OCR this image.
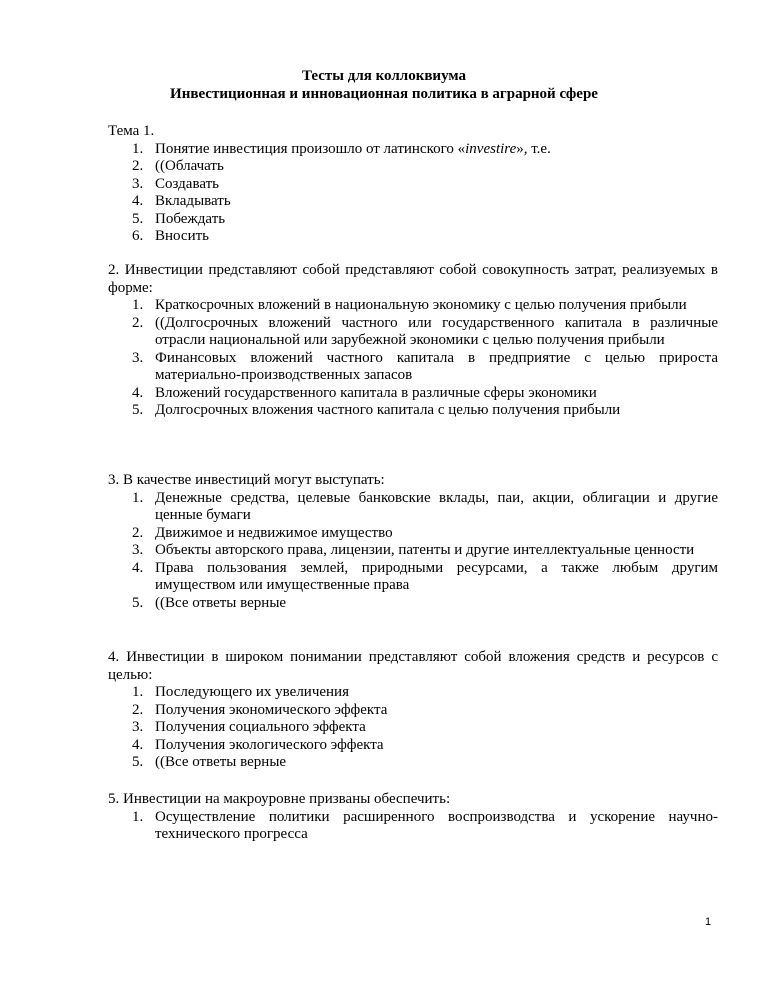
Тесты для коллоквиума
Инвестиционная и инновационная политика в аграрной сфере

Тема 1.

1. Понятие инвестиция произошло от латинского «investire», т.е.
2. ((Облачать
3. Создавать
4. Вкладывать
5. Побеждать
6. Вносить

2. Инвестиции представляют собой представляют собой совокупность затрат, реализуемых в форме:

1. Краткосрочных вложений в национальную экономику с целью получения прибыли
2. ((Долгосрочных вложений частного или государственного капитала в различные отрасли национальной или зарубежной экономики с целью получения прибыли
3. Финансовых вложений частного капитала в предприятие с целью прироста материально-производственных запасов
4. Вложений государственного капитала в различные сферы экономики
5. Долгосрочных вложения частного капитала с целью получения прибыли

3. В качестве инвестиций могут выступать:

1. Денежные средства, целевые банковские вклады, паи, акции, облигации и другие ценные бумаги
2. Движимое и недвижимое имущество
3. Объекты авторского права, лицензии, патенты и другие интеллектуальные ценности
4. Права пользования землей, природными ресурсами, а также любым другим имуществом или имущественные права
5. ((Все ответы верные

4. Инвестиции в широком понимании представляют собой вложения средств и ресурсов с целью:

1. Последующего их увеличения
2. Получения экономического эффекта
3. Получения социального эффекта
4. Получения экологического эффекта
5. ((Все ответы верные

5. Инвестиции на макроуровне призваны обеспечить:

1. Осуществление политики расширенного воспроизводства и ускорение научно-технического прогресса
1
